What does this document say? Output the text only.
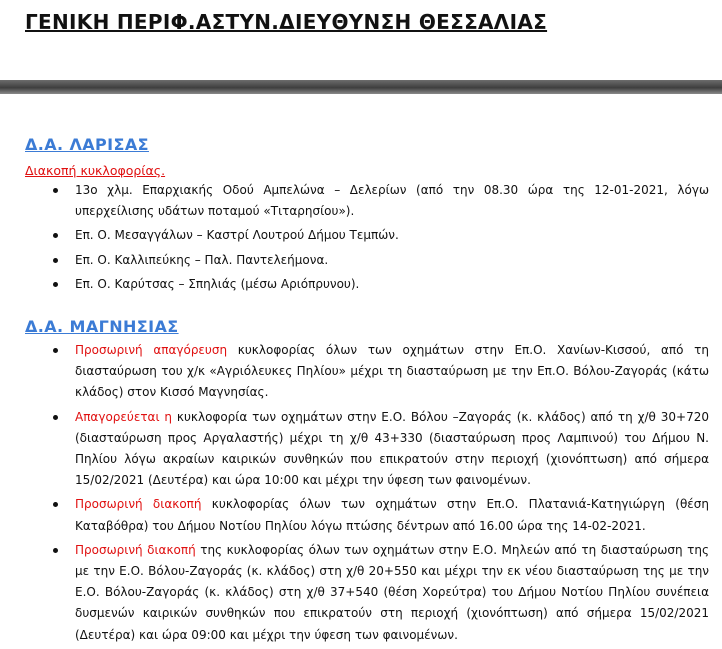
ΓΕΝΙΚΗ ΠΕΡΙΦ.ΑΣΤΥΝ.ΔΙΕΥΘΥΝΣΗ ΘΕΣΣΑΛΙΑΣ
Δ.Α. ΛΑΡΙΣΑΣ

Διακοπή κυκλοφορίας.

13ο χλμ. Επαρχιακής Οδού Αμπελώνα – Δελερίων (από την 08.30 ώρα της 12-01-2021, λόγω υπερχείλισης υδάτων ποταμού «Τιταρησίου»).
Επ. Ο. Μεσαγγάλων – Καστρί Λουτρού Δήμου Τεμπών.
Επ. Ο. Καλλιπεύκης – Παλ. Παντελεήμονα.
Επ. Ο. Καρύτσας – Σπηλιάς (μέσω Αριόπρυνου).
Δ.Α. ΜΑΓΝΗΣΙΑΣ
Προσωρινή απαγόρευση κυκλοφορίας όλων των οχημάτων στην Επ.Ο. Χανίων-Κισσού, από τη διασταύρωση του χ/κ «Αγριόλευκες Πηλίου» μέχρι τη διασταύρωση με την Επ.Ο. Βόλου-Ζαγοράς (κάτω κλάδος) στον Κισσό Μαγνησίας.
Απαγορεύεται η κυκλοφορία των οχημάτων στην Ε.Ο. Βόλου –Ζαγοράς (κ. κλάδος) από τη χ/θ 30+720 (διασταύρωση προς Αργαλαστής) μέχρι τη χ/θ 43+330 (διασταύρωση προς Λαμπινού) του Δήμου Ν. Πηλίου λόγω ακραίων καιρικών συνθηκών που επικρατούν στην περιοχή (χιονόπτωση) από σήμερα 15/02/2021 (Δευτέρα) και ώρα 10:00 και μέχρι την ύφεση των φαινομένων.
Προσωρινή διακοπή κυκλοφορίας όλων των οχημάτων στην Επ.Ο. Πλατανιά-Κατηγιώργη (θέση Καταβόθρα) του Δήμου Νοτίου Πηλίου λόγω πτώσης δέντρων από 16.00 ώρα της 14-02-2021.
Προσωρινή διακοπή της κυκλοφορίας όλων των οχημάτων στην Ε.Ο. Μηλεών από τη διασταύρωση της με την Ε.Ο. Βόλου-Ζαγοράς (κ. κλάδος) στη χ/θ 20+550 και μέχρι την εκ νέου διασταύρωση της με την Ε.Ο. Βόλου-Ζαγοράς (κ. κλάδος) στη χ/θ 37+540 (θέση Χορεύτρα) του Δήμου Νοτίου Πηλίου συνέπεια δυσμενών καιρικών συνθηκών που επικρατούν στη περιοχή (χιονόπτωση) από σήμερα 15/02/2021 (Δευτέρα) και ώρα 09:00 και μέχρι την ύφεση των φαινομένων.
